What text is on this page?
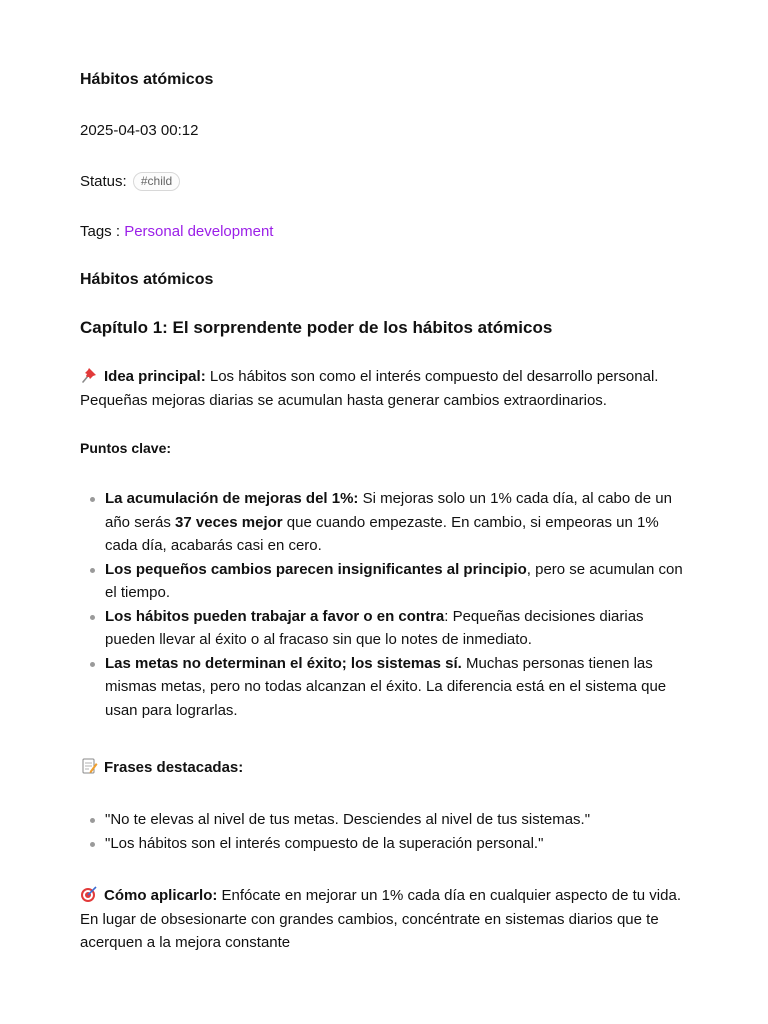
Hábitos atómicos
2025-04-03 00:12
Status: #child
Tags : Personal development
Hábitos atómicos
Capítulo 1: El sorprendente poder de los hábitos atómicos
Idea principal: Los hábitos son como el interés compuesto del desarrollo personal. Pequeñas mejoras diarias se acumulan hasta generar cambios extraordinarios.
Puntos clave:
La acumulación de mejoras del 1%: Si mejoras solo un 1% cada día, al cabo de un año serás 37 veces mejor que cuando empezaste. En cambio, si empeoras un 1% cada día, acabarás casi en cero.
Los pequeños cambios parecen insignificantes al principio, pero se acumulan con el tiempo.
Los hábitos pueden trabajar a favor o en contra: Pequeñas decisiones diarias pueden llevar al éxito o al fracaso sin que lo notes de inmediato.
Las metas no determinan el éxito; los sistemas sí. Muchas personas tienen las mismas metas, pero no todas alcanzan el éxito. La diferencia está en el sistema que usan para lograrlas.
Frases destacadas:
"No te elevas al nivel de tus metas. Desciendes al nivel de tus sistemas."
"Los hábitos son el interés compuesto de la superación personal."
Cómo aplicarlo: Enfócate en mejorar un 1% cada día en cualquier aspecto de tu vida. En lugar de obsesionarte con grandes cambios, concéntrate en sistemas diarios que te acerquen a la mejora constante
